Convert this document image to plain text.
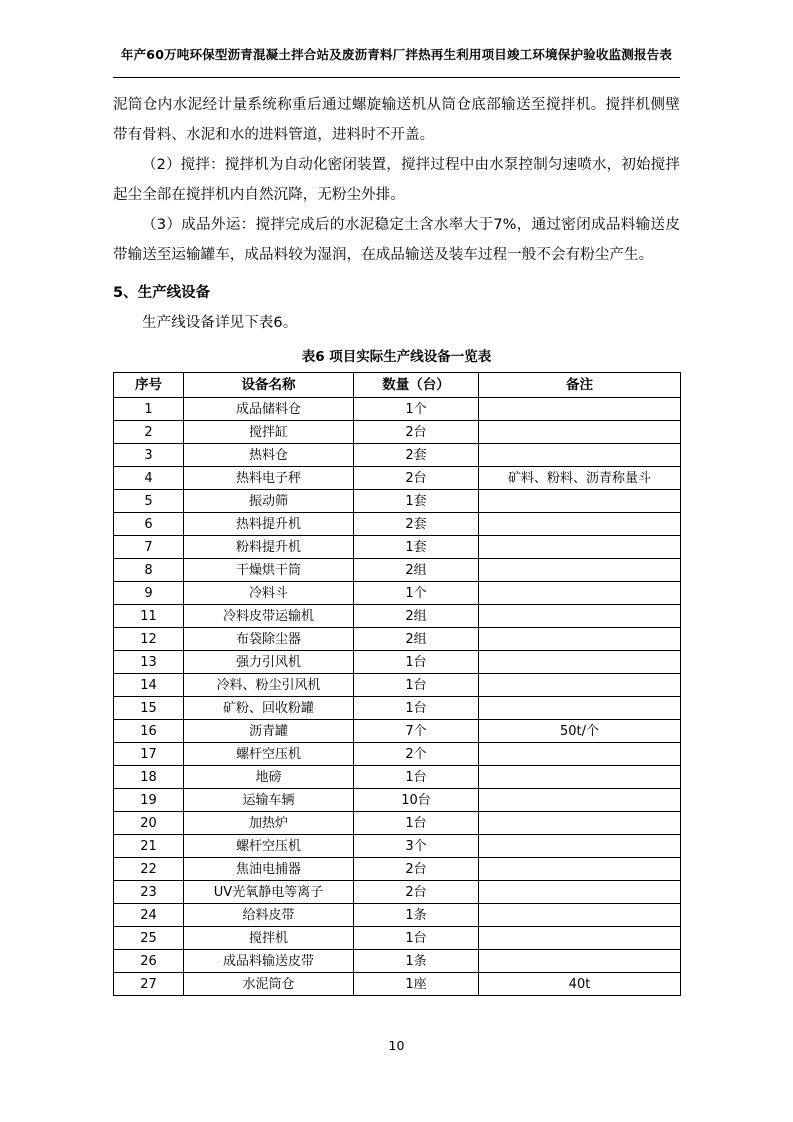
年产60万吨环保型沥青混凝土拌合站及废沥青料厂拌热再生利用项目竣工环境保护验收监测报告表

泥筒仓内水泥经计量系统称重后通过螺旋输送机从筒仓底部输送至搅拌机。搅拌机侧壁带有骨料、水泥和水的进料管道，进料时不开盖。

（2）搅拌：搅拌机为自动化密闭装置，搅拌过程中由水泵控制匀速喷水，初始搅拌起尘全部在搅拌机内自然沉降，无粉尘外排。

（3）成品外运：搅拌完成后的水泥稳定土含水率大于7%，通过密闭成品料输送皮带输送至运输罐车，成品料较为湿润，在成品输送及装车过程一般不会有粉尘产生。

5、生产线设备

生产线设备详见下表6。

表6 项目实际生产线设备一览表
序号	设备名称	数量（台）	备注
1	成品储料仓	1个	
2	搅拌缸	2台	
3	热料仓	2套	
4	热料电子秤	2台	矿料、粉料、沥青称量斗
5	振动筛	1套	
6	热料提升机	2套	
7	粉料提升机	1套	
8	干燥烘干筒	2组	
9	冷料斗	1个	
11	冷料皮带运输机	2组	
12	布袋除尘器	2组	
13	强力引风机	1台	
14	冷料、粉尘引风机	1台	
15	矿粉、回收粉罐	1台	
16	沥青罐	7个	50t/个
17	螺杆空压机	2个	
18	地磅	1台	
19	运输车辆	10台	
20	加热炉	1台	
21	螺杆空压机	3个	
22	焦油电捕器	2台	
23	UV光氧静电等离子	2台	
24	给料皮带	1条	
25	搅拌机	1台	
26	成品料输送皮带	1条	
27	水泥筒仓	1座	40t
10
